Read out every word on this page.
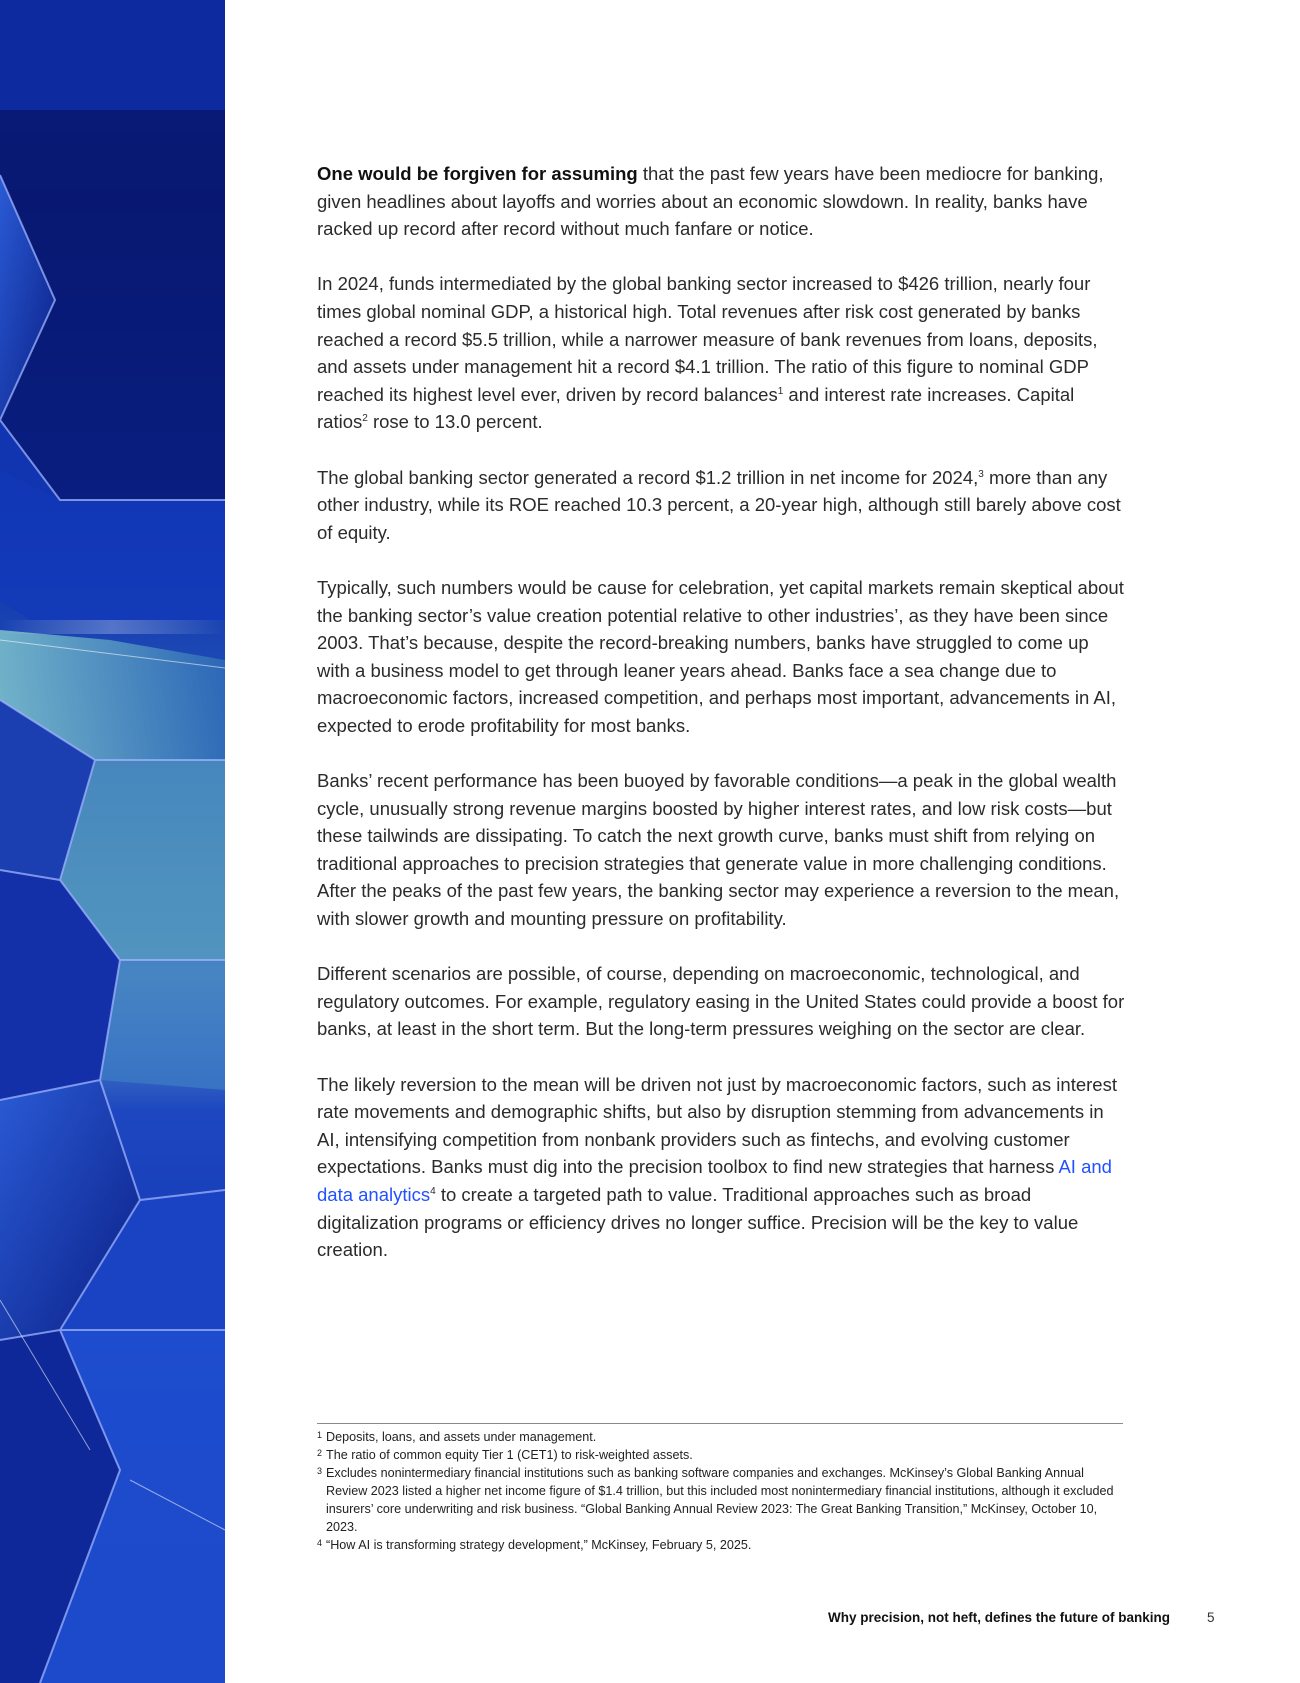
One would be forgiven for assuming that the past few years have been mediocre for banking, given headlines about layoffs and worries about an economic slowdown. In reality, banks have racked up record after record without much fanfare or notice.

In 2024, funds intermediated by the global banking sector increased to $426 trillion, nearly four times global nominal GDP, a historical high. Total revenues after risk cost generated by banks reached a record $5.5 trillion, while a narrower measure of bank revenues from loans, deposits, and assets under management hit a record $4.1 trillion. The ratio of this figure to nominal GDP reached its highest level ever, driven by record balances$^1$ and interest rate increases. Capital ratios$^2$ rose to 13.0 percent.

The global banking sector generated a record $1.2 trillion in net income for 2024,$^3$ more than any other industry, while its ROE reached 10.3 percent, a 20-year high, although still barely above cost of equity.

Typically, such numbers would be cause for celebration, yet capital markets remain skeptical about the banking sector’s value creation potential relative to other industries’, as they have been since 2003. That’s because, despite the record-breaking numbers, banks have struggled to come up with a business model to get through leaner years ahead. Banks face a sea change due to macroeconomic factors, increased competition, and perhaps most important, advancements in AI, expected to erode profitability for most banks.

Banks’ recent performance has been buoyed by favorable conditions—a peak in the global wealth cycle, unusually strong revenue margins boosted by higher interest rates, and low risk costs—but these tailwinds are dissipating. To catch the next growth curve, banks must shift from relying on traditional approaches to precision strategies that generate value in more challenging conditions. After the peaks of the past few years, the banking sector may experience a reversion to the mean, with slower growth and mounting pressure on profitability.

Different scenarios are possible, of course, depending on macroeconomic, technological, and regulatory outcomes. For example, regulatory easing in the United States could provide a boost for banks, at least in the short term. But the long-term pressures weighing on the sector are clear.

The likely reversion to the mean will be driven not just by macroeconomic factors, such as interest rate movements and demographic shifts, but also by disruption stemming from advancements in AI, intensifying competition from nonbank providers such as fintechs, and evolving customer expectations. Banks must dig into the precision toolbox to find new strategies that harness AI and data analytics$^4$ to create a targeted path to value. Traditional approaches such as broad digitalization programs or efficiency drives no longer suffice. Precision will be the key to value creation.

1 Deposits, loans, and assets under management.

2 The ratio of common equity Tier 1 (CET1) to risk-weighted assets.

3 Excludes nonintermediary financial institutions such as banking software companies and exchanges. McKinsey’s Global Banking Annual Review 2023 listed a higher net income figure of $1.4 trillion, but this included most nonintermediary financial institutions, although it excluded insurers’ core underwriting and risk business. “Global Banking Annual Review 2023: The Great Banking Transition,” McKinsey, October 10, 2023.

4 “How AI is transforming strategy development,” McKinsey, February 5, 2025.

Why precision, not heft, defines the future of banking	5
